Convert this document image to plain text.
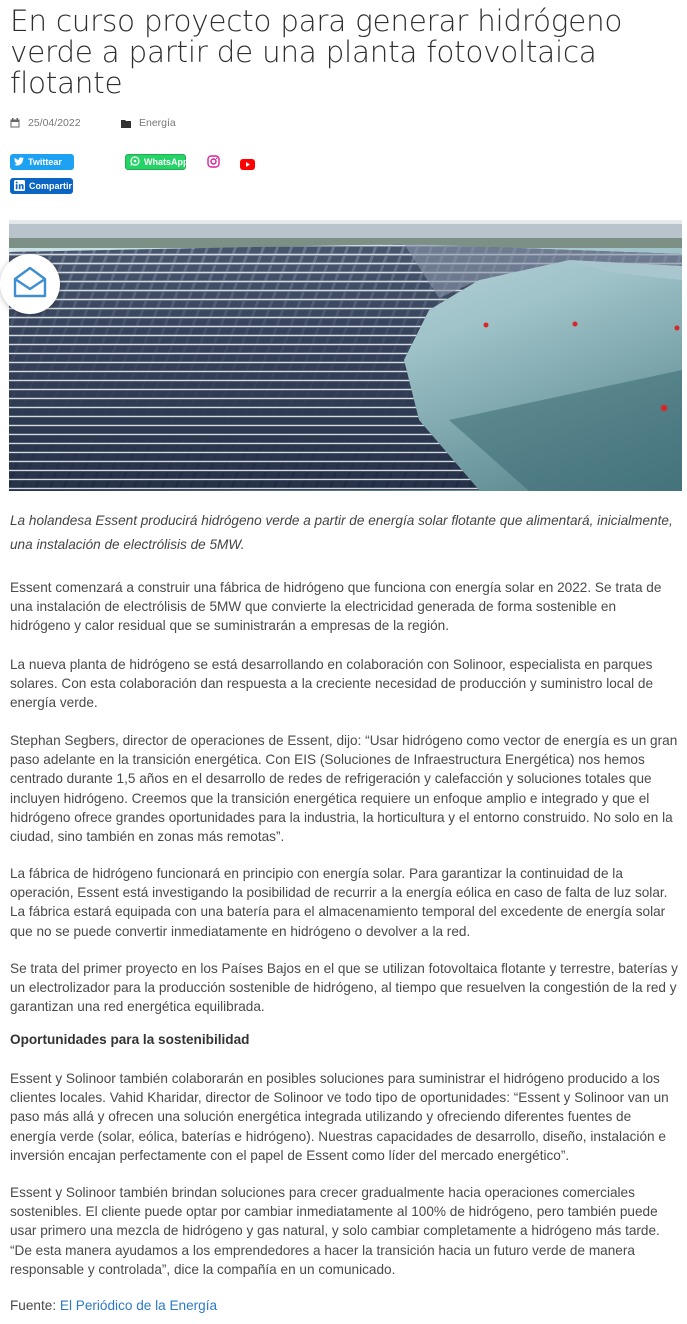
En curso proyecto para generar hidrógeno verde a partir de una planta fotovoltaica flotante
25/04/2022	Energía
Twittear	WhatsApp
Compartir

La holandesa Essent producirá hidrógeno verde a partir de energía solar flotante que alimentará, inicialmente, una instalación de electrólisis de 5MW.

Essent comenzará a construir una fábrica de hidrógeno que funciona con energía solar en 2022. Se trata de una instalación de electrólisis de 5MW que convierte la electricidad generada de forma sostenible en hidrógeno y calor residual que se suministrarán a empresas de la región.

La nueva planta de hidrógeno se está desarrollando en colaboración con Solinoor, especialista en parques solares. Con esta colaboración dan respuesta a la creciente necesidad de producción y suministro local de energía verde.

Stephan Segbers, director de operaciones de Essent, dijo: “Usar hidrógeno como vector de energía es un gran paso adelante en la transición energética. Con EIS (Soluciones de Infraestructura Energética) nos hemos centrado durante 1,5 años en el desarrollo de redes de refrigeración y calefacción y soluciones totales que incluyen hidrógeno. Creemos que la transición energética requiere un enfoque amplio e integrado y que el hidrógeno ofrece grandes oportunidades para la industria, la horticultura y el entorno construido. No solo en la ciudad, sino también en zonas más remotas”.

La fábrica de hidrógeno funcionará en principio con energía solar. Para garantizar la continuidad de la operación, Essent está investigando la posibilidad de recurrir a la energía eólica en caso de falta de luz solar. La fábrica estará equipada con una batería para el almacenamiento temporal del excedente de energía solar que no se puede convertir inmediatamente en hidrógeno o devolver a la red.

Se trata del primer proyecto en los Países Bajos en el que se utilizan fotovoltaica flotante y terrestre, baterías y un electrolizador para la producción sostenible de hidrógeno, al tiempo que resuelven la congestión de la red y garantizan una red energética equilibrada.

Oportunidades para la sostenibilidad

Essent y Solinoor también colaborarán en posibles soluciones para suministrar el hidrógeno producido a los clientes locales. Vahid Kharidar, director de Solinoor ve todo tipo de oportunidades: “Essent y Solinoor van un paso más allá y ofrecen una solución energética integrada utilizando y ofreciendo diferentes fuentes de energía verde (solar, eólica, baterías e hidrógeno). Nuestras capacidades de desarrollo, diseño, instalación e inversión encajan perfectamente con el papel de Essent como líder del mercado energético”.

Essent y Solinoor también brindan soluciones para crecer gradualmente hacia operaciones comerciales sostenibles. El cliente puede optar por cambiar inmediatamente al 100% de hidrógeno, pero también puede usar primero una mezcla de hidrógeno y gas natural, y solo cambiar completamente a hidrógeno más tarde. “De esta manera ayudamos a los emprendedores a hacer la transición hacia un futuro verde de manera responsable y controlada”, dice la compañía en un comunicado.

Fuente: El Periódico de la Energía
